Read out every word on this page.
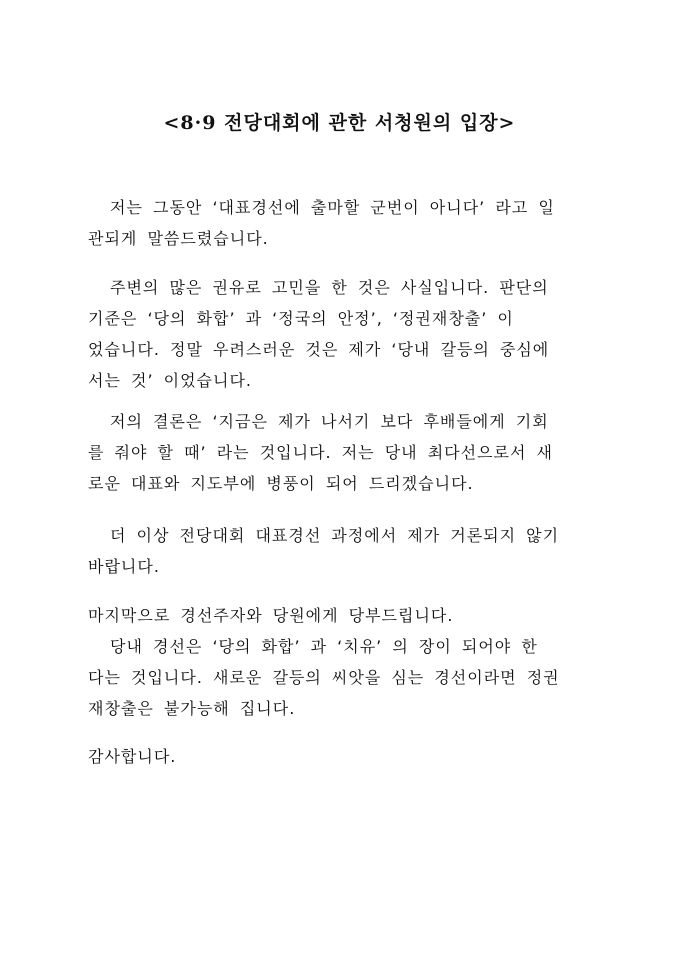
<8·9 전당대회에 관한 서청원의 입장>
저는 그동안 ‘대표경선에 출마할 군번이 아니다’ 라고 일
관되게 말씀드렸습니다.
주변의 많은 권유로 고민을 한 것은 사실입니다. 판단의
기준은 ‘당의 화합’ 과 ‘정국의 안정’, ‘정권재창출’ 이
었습니다. 정말 우려스러운 것은 제가 ‘당내 갈등의 중심에
서는 것’ 이었습니다.
저의 결론은 ‘지금은 제가 나서기 보다 후배들에게 기회
를 줘야 할 때’ 라는 것입니다. 저는 당내 최다선으로서 새
로운 대표와 지도부에 병풍이 되어 드리겠습니다.
더 이상 전당대회 대표경선 과정에서 제가 거론되지 않기
바랍니다.
마지막으로 경선주자와 당원에게 당부드립니다.
당내 경선은 ‘당의 화합’ 과 ‘치유’ 의 장이 되어야 한
다는 것입니다. 새로운 갈등의 씨앗을 심는 경선이라면 정권
재창출은 불가능해 집니다.
감사합니다.
